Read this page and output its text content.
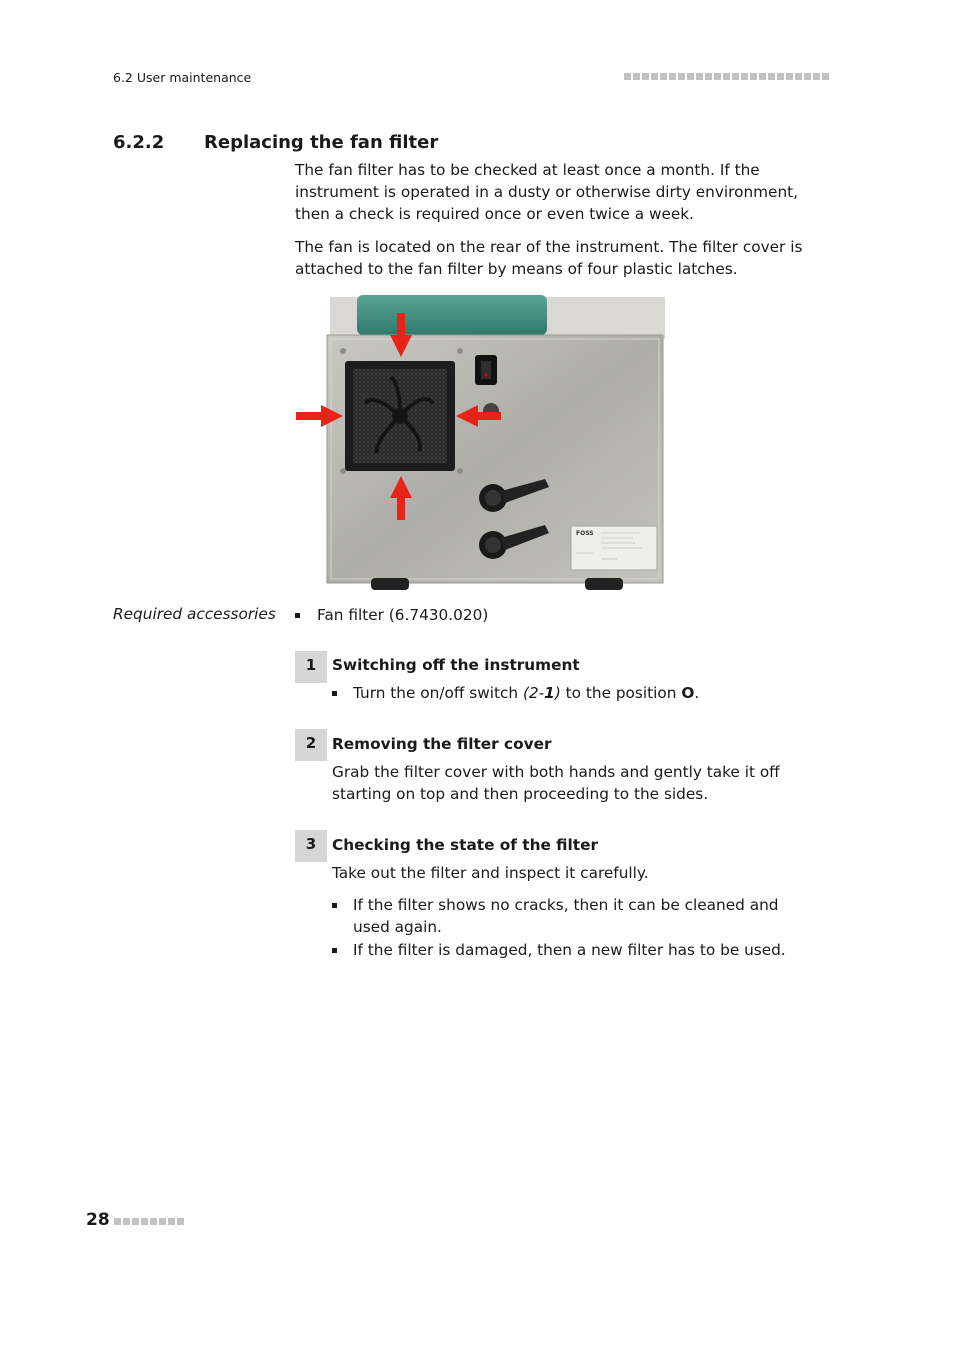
6.2 User maintenance
6.2.2 Replacing the fan filter
The fan filter has to be checked at least once a month. If the instrument is operated in a dusty or otherwise dirty environment, then a check is required once or even twice a week.
The fan is located on the rear of the instrument. The filter cover is attached to the fan filter by means of four plastic latches.
FOSS
Required accessories	Fan filter (6.7430.020)
1	Switching off the instrument
Turn the on/off switch (2-1) to the position O.
2	Removing the filter cover
Grab the filter cover with both hands and gently take it off starting on top and then proceeding to the sides.
3	Checking the state of the filter
Take out the filter and inspect it carefully.
If the filter shows no cracks, then it can be cleaned and used again.
If the filter is damaged, then a new filter has to be used.
28
